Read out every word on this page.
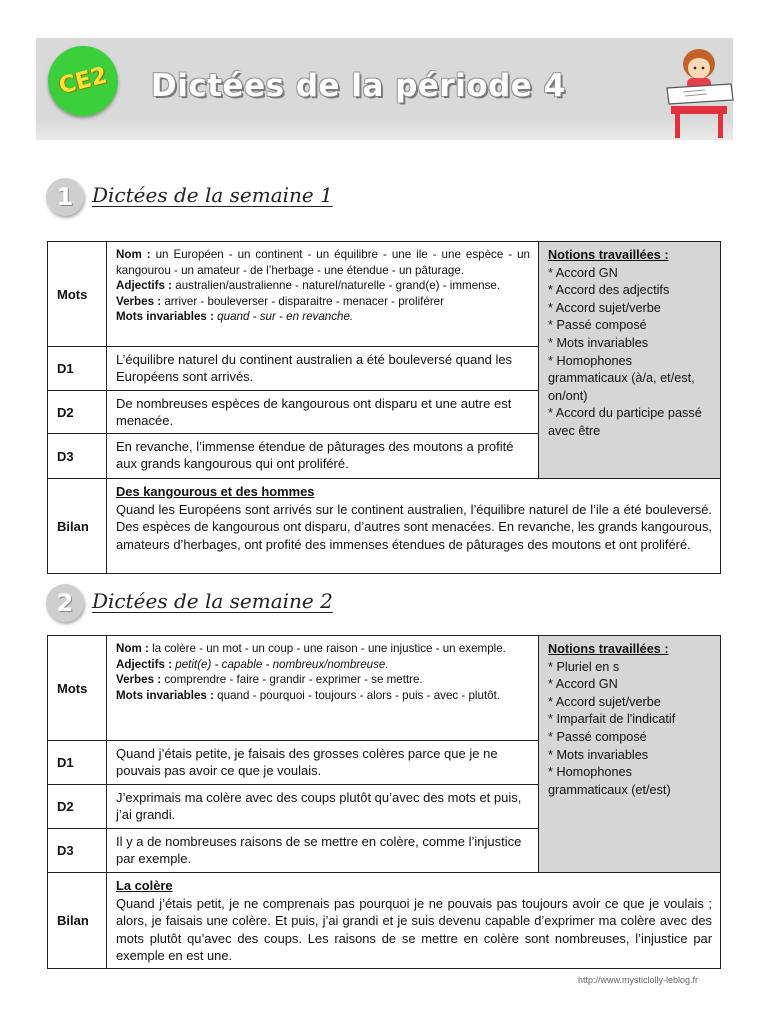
CE2	Dictées de la période 4
1 Dictées de la semaine 1
Mots
Nom : un Européen - un continent - un équilibre - une ile - une espèce - un kangourou - un amateur - de l’herbage - une étendue - un pâturage.
Adjectifs : australien/australienne - naturel/naturelle - grand(e) - immense.
Verbes : arriver - bouleverser - disparaitre - menacer - proliférer
Mots invariables : quand - sur - en revanche.
Notions travaillées :
* Accord GN
* Accord des adjectifs
* Accord sujet/verbe
* Passé composé
* Mots invariables
* Homophones grammaticaux (à/a, et/est, on/ont)
* Accord du participe passé avec être
D1
L’équilibre naturel du continent australien a été bouleversé quand les Européens sont arrivés.
D2
De nombreuses espèces de kangourous ont disparu et une autre est menacée.
D3
En revanche, l’immense étendue de pâturages des moutons a profité aux grands kangourous qui ont proliféré.
Bilan
Des kangourous et des hommes
Quand les Européens sont arrivés sur le continent australien, l’équilibre naturel de l’ile a été bouleversé. Des espèces de kangourous ont disparu, d’autres sont menacées. En revanche, les grands kangourous, amateurs d’herbages, ont profité des immenses étendues de pâturages des moutons et ont proliféré.
2 Dictées de la semaine 2
Mots
Nom : la colère - un mot - un coup - une raison - une injustice - un exemple.
Adjectifs : petit(e) - capable - nombreux/nombreuse.
Verbes : comprendre - faire - grandir - exprimer - se mettre.
Mots invariables : quand - pourquoi - toujours - alors - puis - avec - plutôt.
Notions travaillées :
* Pluriel en s
* Accord GN
* Accord sujet/verbe
* Imparfait de l'indicatif
* Passé composé
* Mots invariables
* Homophones grammaticaux (et/est)
D1
Quand j’étais petite, je faisais des grosses colères parce que je ne pouvais pas avoir ce que je voulais.
D2
J’exprimais ma colère avec des coups plutôt qu’avec des mots et puis, j’ai grandi.
D3
Il y a de nombreuses raisons de se mettre en colère, comme l’injustice par exemple.
Bilan
La colère
Quand j’étais petit, je ne comprenais pas pourquoi je ne pouvais pas toujours avoir ce que je voulais ; alors, je faisais une colère. Et puis, j’ai grandi et je suis devenu capable d’exprimer ma colère avec des mots plutôt qu’avec des coups. Les raisons de se mettre en colère sont nombreuses, l’injustice par exemple en est une.
http://www.mysticlolly-leblog.fr
